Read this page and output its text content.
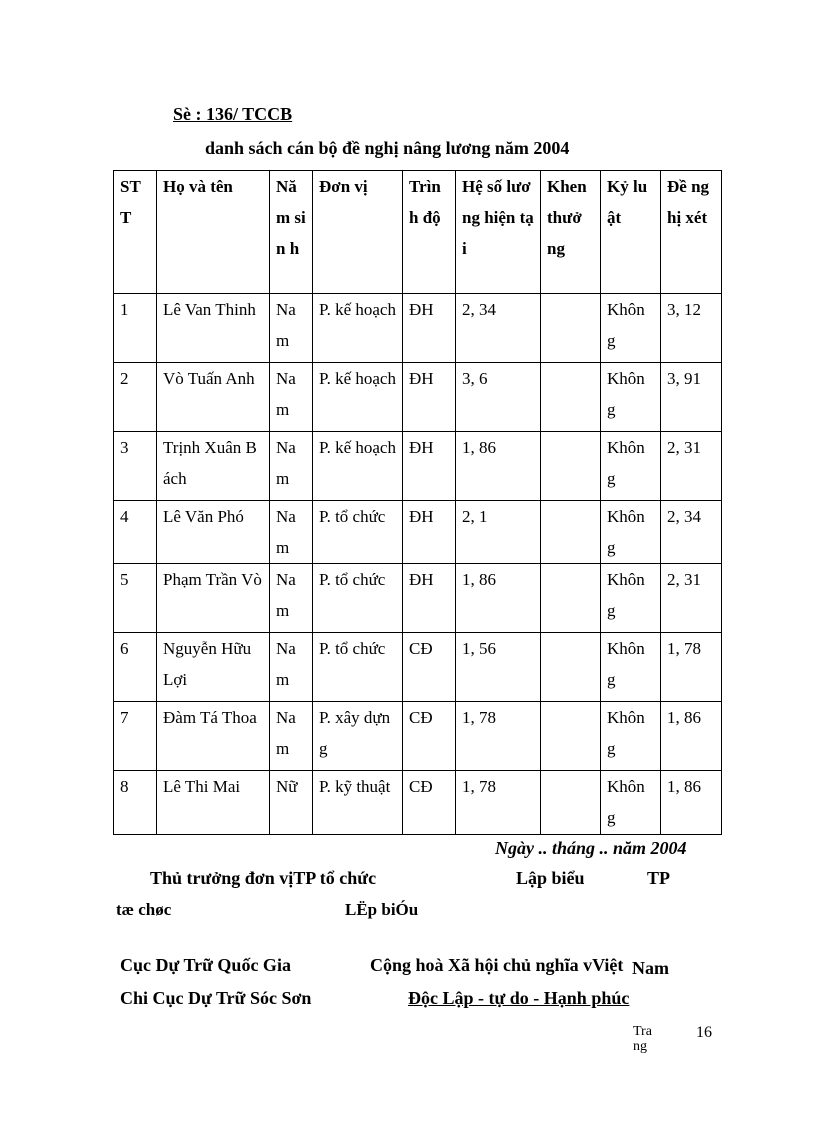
Sè : 136/ TCCB
danh sách cán bộ đề nghị nâng lương năm 2004
ST T	Họ và tên	Nă m sin h	Đơn vị	Trìn h độ	Hệ số lương hiện tại	Khen thưở ng	Kỷ luật	Đề nghị xét
1	Lê Van Thinh	Na m	P. kế hoạch	ĐH	2, 34		Khôn g	3, 12
2	Vò Tuấn Anh	Na m	P. kế hoạch	ĐH	3, 6		Khôn g	3, 91
3	Trịnh Xuân Bách	Na m	P. kế hoạch	ĐH	1, 86		Khôn g	2, 31
4	Lê Văn Phó	Na m	P. tổ chức	ĐH	2, 1		Khôn g	2, 34
5	Phạm Trần Vò	Na m	P. tổ chức	ĐH	1, 86		Khôn g	2, 31
6	Nguyễn Hữu Lợi	Na m	P. tổ chức	CĐ	1, 56		Khôn g	1, 78
7	Đàm Tá Thoa	Na m	P. xây dựng	CĐ	1, 78		Khôn g	1, 86
8	Lê Thi Mai	Nữ	P. kỹ thuật	CĐ	1, 78		Khôn g	1, 86
Ngày .. tháng .. năm 2004
Thủ trưởng đơn vịTP tổ chức	Lập biểu	TP
tæ chøc	LËp biÓu
Cục Dự Trữ Quốc Gia
Chi Cục Dự Trữ Sóc Sơn
Cộng hoà Xã hội chủ nghĩa vViệt Nam
Độc Lập - tự do - Hạnh phúc
Tra
ng
16
